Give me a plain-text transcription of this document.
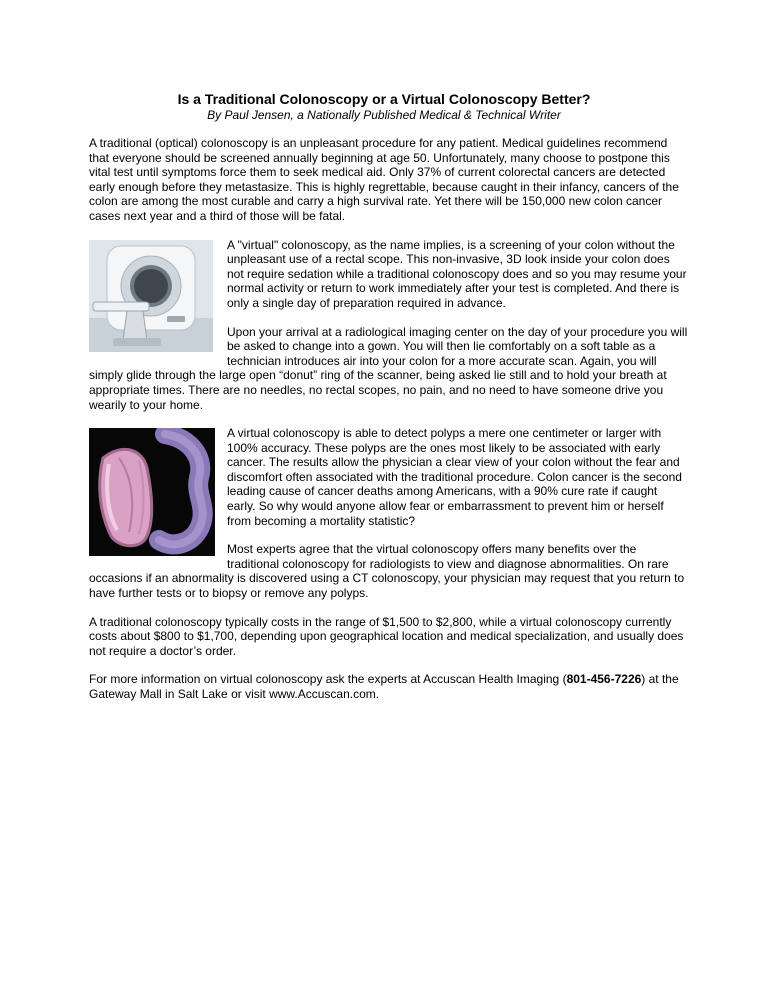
Is a Traditional Colonoscopy or a Virtual Colonoscopy Better?
By Paul Jensen, a Nationally Published Medical & Technical Writer

A traditional (optical) colonoscopy is an unpleasant procedure for any patient. Medical guidelines recommend that everyone should be screened annually beginning at age 50. Unfortunately, many choose to postpone this vital test until symptoms force them to seek medical aid. Only 37% of current colorectal cancers are detected early enough before they metastasize. This is highly regrettable, because caught in their infancy, cancers of the colon are among the most curable and carry a high survival rate. Yet there will be 150,000 new colon cancer cases next year and a third of those will be fatal.

A "virtual" colonoscopy, as the name implies, is a screening of your colon without the unpleasant use of a rectal scope. This non-invasive, 3D look inside your colon does not require sedation while a traditional colonoscopy does and so you may resume your normal activity or return to work immediately after your test is completed. And there is only a single day of preparation required in advance.

Upon your arrival at a radiological imaging center on the day of your procedure you will be asked to change into a gown. You will then lie comfortably on a soft table as a technician introduces air into your colon for a more accurate scan. Again, you will simply glide through the large open “donut” ring of the scanner, being asked lie still and to hold your breath at appropriate times. There are no needles, no rectal scopes, no pain, and no need to have someone drive you wearily to your home.

A virtual colonoscopy is able to detect polyps a mere one centimeter or larger with 100% accuracy. These polyps are the ones most likely to be associated with early cancer. The results allow the physician a clear view of your colon without the fear and discomfort often associated with the traditional procedure. Colon cancer is the second leading cause of cancer deaths among Americans, with a 90% cure rate if caught early. So why would anyone allow fear or embarrassment to prevent him or herself from becoming a mortality statistic?

Most experts agree that the virtual colonoscopy offers many benefits over the traditional colonoscopy for radiologists to view and diagnose abnormalities. On rare occasions if an abnormality is discovered using a CT colonoscopy, your physician may request that you return to have further tests or to biopsy or remove any polyps.

A traditional colonoscopy typically costs in the range of $1,500 to $2,800, while a virtual colonoscopy currently costs about $800 to $1,700, depending upon geographical location and medical specialization, and usually does not require a doctor’s order.

For more information on virtual colonoscopy ask the experts at Accuscan Health Imaging (801-456-7226) at the Gateway Mall in Salt Lake or visit www.Accuscan.com.
